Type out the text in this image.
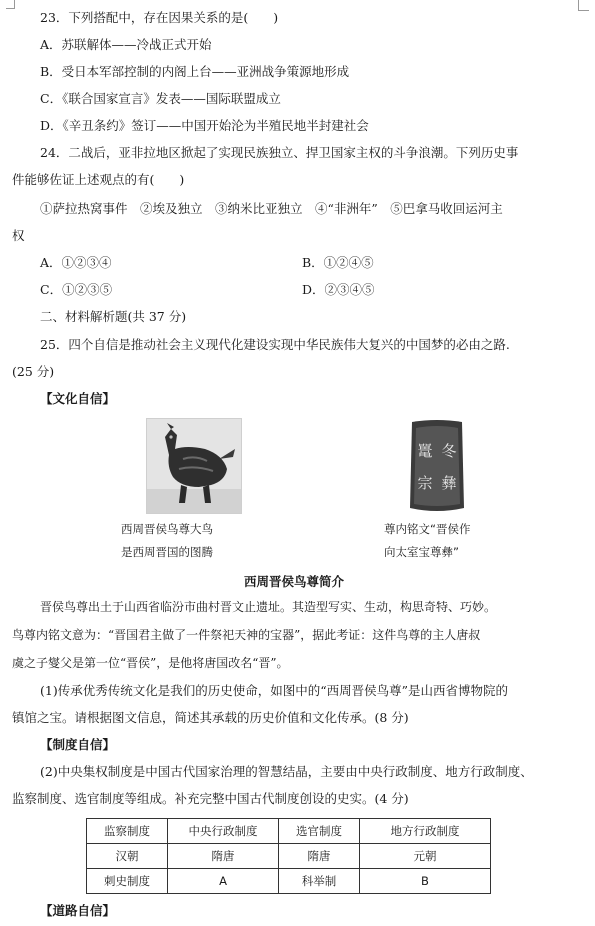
23．下列搭配中，存在因果关系的是(　　)
A．苏联解体——冷战正式开始
B．受日本军部控制的内阁上台——亚洲战争策源地形成
C．《联合国家宣言》发表——国际联盟成立
D．《辛丑条约》签订——中国开始沦为半殖民地半封建社会
24．二战后，亚非拉地区掀起了实现民族独立、捍卫国家主权的斗争浪潮。下列历史事
件能够佐证上述观点的有(　　)
①萨拉热窝事件　②埃及独立　③纳米比亚独立　④“非洲年”　⑤巴拿马收回运河主
权
A．①②③④	B．①②④⑤
C．①②③⑤	D．②③④⑤
二、材料解析题(共 37 分)
25．四个自信是推动社会主义现代化建设实现中华民族伟大复兴的中国梦的必由之路.
(25 分)
【文化自信】
西周晋侯鸟尊大鸟
是西周晋国的图腾
鼍 冬
宗 彝
尊内铭文“晋侯作
向太室宝尊彝”
西周晋侯鸟尊简介
晋侯鸟尊出土于山西省临汾市曲村晋文止遗址。其造型写实、生动，构思奇特、巧妙。
鸟尊内铭文意为：“晋国君主做了一件祭祀天神的宝器”，据此考证：这件鸟尊的主人唐叔
虞之子燮父是第一位“晋侯”，是他将唐国改名“晋”。
(1)传承优秀传统文化是我们的历史使命，如图中的“西周晋侯鸟尊”是山西省博物院的
镇馆之宝。请根据图文信息，简述其承载的历史价值和文化传承。(8 分)
【制度自信】
(2)中央集权制度是中国古代国家治理的智慧结晶，主要由中央行政制度、地方行政制度、
监察制度、选官制度等组成。补充完整中国古代制度创设的史实。(4 分)
监察制度	中央行政制度	选官制度	地方行政制度
汉朝	隋唐	隋唐	元朝
刺史制度	A	科举制	B
【道路自信】
